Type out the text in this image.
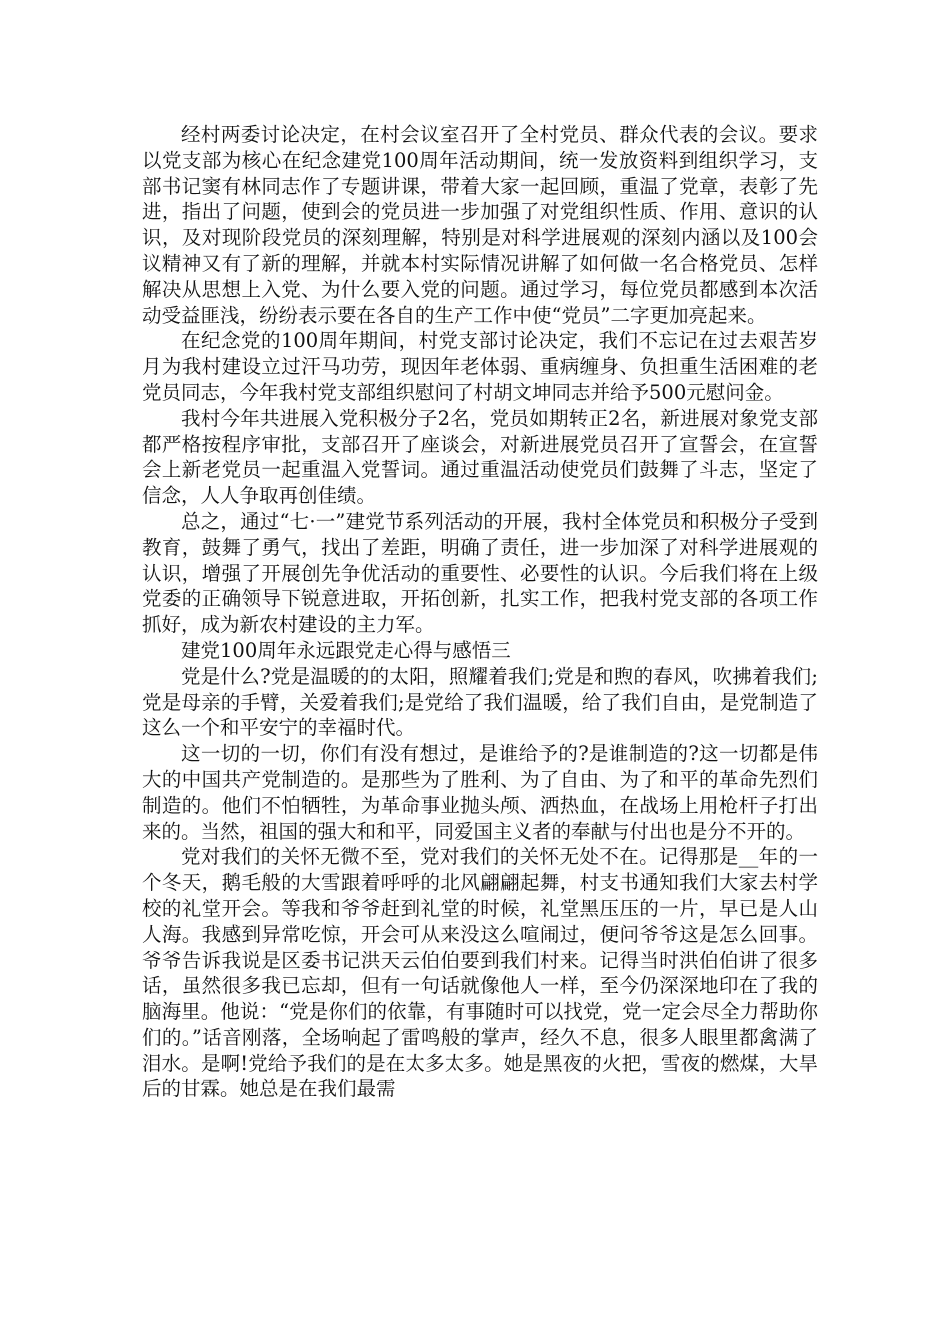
经村两委讨论决定，在村会议室召开了全村党员、群众代表的会议。要求以党支部为核心在纪念建党100周年活动期间，统一发放资料到组织学习，支部书记窦有林同志作了专题讲课，带着大家一起回顾，重温了党章，表彰了先进，指出了问题，使到会的党员进一步加强了对党组织性质、作用、意识的认识，及对现阶段党员的深刻理解，特别是对科学进展观的深刻内涵以及100会议精神又有了新的理解，并就本村实际情况讲解了如何做一名合格党员、怎样解决从思想上入党、为什么要入党的问题。通过学习，每位党员都感到本次活动受益匪浅，纷纷表示要在各自的生产工作中使“党员”二字更加亮起来。

在纪念党的100周年期间，村党支部讨论决定，我们不忘记在过去艰苦岁月为我村建设立过汗马功劳，现因年老体弱、重病缠身、负担重生活困难的老党员同志，今年我村党支部组织慰问了村胡文坤同志并给予500元慰问金。

我村今年共进展入党积极分子2名，党员如期转正2名，新进展对象党支部都严格按程序审批，支部召开了座谈会，对新进展党员召开了宣誓会，在宣誓会上新老党员一起重温入党誓词。通过重温活动使党员们鼓舞了斗志，坚定了信念，人人争取再创佳绩。

总之，通过“七·一”建党节系列活动的开展，我村全体党员和积极分子受到教育，鼓舞了勇气，找出了差距，明确了责任，进一步加深了对科学进展观的认识，增强了开展创先争优活动的重要性、必要性的认识。今后我们将在上级党委的正确领导下锐意进取，开拓创新，扎实工作，把我村党支部的各项工作抓好，成为新农村建设的主力军。

建党100周年永远跟党走心得与感悟三

党是什么?党是温暖的的太阳，照耀着我们;党是和煦的春风，吹拂着我们;党是母亲的手臂，关爱着我们;是党给了我们温暖，给了我们自由，是党制造了这么一个和平安宁的幸福时代。

这一切的一切，你们有没有想过，是谁给予的?是谁制造的?这一切都是伟大的中国共产党制造的。是那些为了胜利、为了自由、为了和平的革命先烈们制造的。他们不怕牺牲，为革命事业抛头颅、洒热血，在战场上用枪杆子打出来的。当然，祖国的强大和和平，同爱国主义者的奉献与付出也是分不开的。

党对我们的关怀无微不至，党对我们的关怀无处不在。记得那是__年的一个冬天，鹅毛般的大雪跟着呼呼的北风翩翩起舞，村支书通知我们大家去村学校的礼堂开会。等我和爷爷赶到礼堂的时候，礼堂黑压压的一片，早已是人山人海。我感到异常吃惊，开会可从来没这么喧闹过，便问爷爷这是怎么回事。爷爷告诉我说是区委书记洪天云伯伯要到我们村来。记得当时洪伯伯讲了很多话，虽然很多我已忘却，但有一句话就像他人一样，至今仍深深地印在了我的脑海里。他说：“党是你们的依靠，有事随时可以找党，党一定会尽全力帮助你们的。”话音刚落，全场响起了雷鸣般的掌声，经久不息，很多人眼里都禽满了泪水。是啊!党给予我们的是在太多太多。她是黑夜的火把，雪夜的燃煤，大旱后的甘霖。她总是在我们最需
